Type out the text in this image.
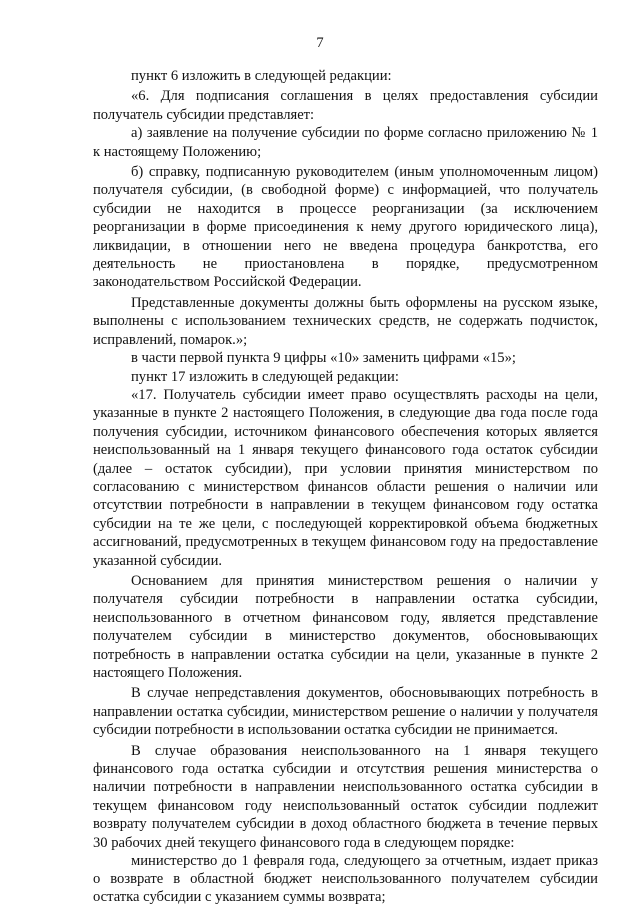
7

пункт 6 изложить в следующей редакции:

«6. Для подписания соглашения в целях предоставления субсидии получатель субсидии представляет:

а) заявление на получение субсидии по форме согласно приложению № 1 к настоящему Положению;

б) справку, подписанную руководителем (иным уполномоченным лицом) получателя субсидии, (в свободной форме) с информацией, что получатель субсидии не находится в процессе реорганизации (за исключением реорганизации в форме присоединения к нему другого юридического лица), ликвидации, в отношении него не введена процедура банкротства, его деятельность не приостановлена в порядке, предусмотренном законодательством Российской Федерации.

Представленные документы должны быть оформлены на русском языке, выполнены с использованием технических средств, не содержать подчисток, исправлений, помарок.»;

в части первой пункта 9 цифры «10» заменить цифрами «15»;

пункт 17 изложить в следующей редакции:

«17. Получатель субсидии имеет право осуществлять расходы на цели, указанные в пункте 2 настоящего Положения, в следующие два года после года получения субсидии, источником финансового обеспечения которых является неиспользованный на 1 января текущего финансового года остаток субсидии (далее – остаток субсидии), при условии принятия министерством по согласованию с министерством финансов области решения о наличии или отсутствии потребности в направлении в текущем финансовом году остатка субсидии на те же цели, с последующей корректировкой объема бюджетных ассигнований, предусмотренных в текущем финансовом году на предоставление указанной субсидии.

Основанием для принятия министерством решения о наличии у получателя субсидии потребности в направлении остатка субсидии, неиспользованного в отчетном финансовом году, является представление получателем субсидии в министерство документов, обосновывающих потребность в направлении остатка субсидии на цели, указанные в пункте 2 настоящего Положения.

В случае непредставления документов, обосновывающих потребность в направлении остатка субсидии, министерством решение о наличии у получателя субсидии потребности в использовании остатка субсидии не принимается.

В случае образования неиспользованного на 1 января текущего финансового года остатка субсидии и отсутствия решения министерства о наличии потребности в направлении неиспользованного остатка субсидии в текущем финансовом году неиспользованный остаток субсидии подлежит возврату получателем субсидии в доход областного бюджета в течение первых 30 рабочих дней текущего финансового года в следующем порядке:

министерство до 1 февраля года, следующего за отчетным, издает приказ о возврате в областной бюджет неиспользованного получателем субсидии остатка субсидии с указанием суммы возврата;
